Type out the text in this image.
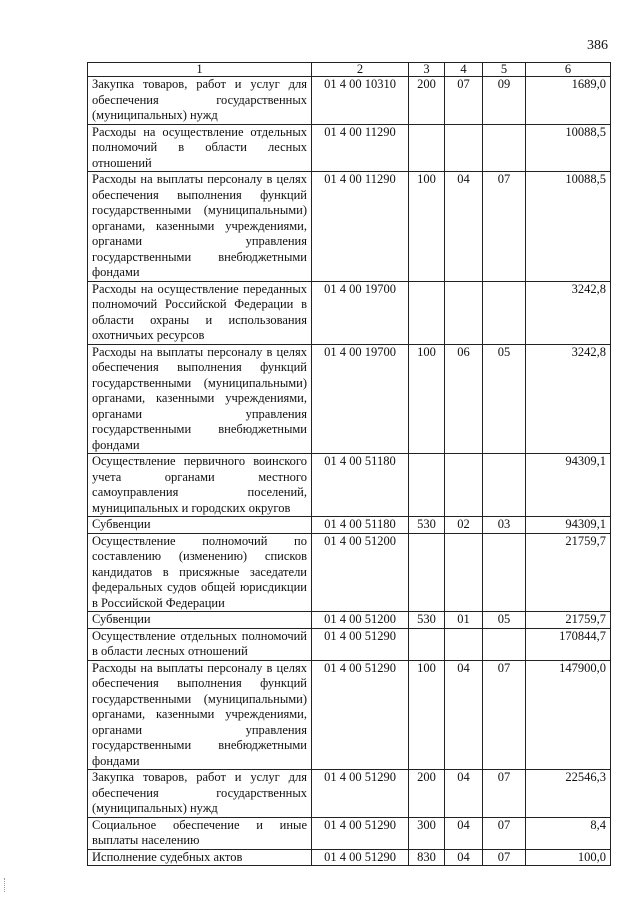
386
1	2	3	4	5	6
Закупка товаров, работ и услуг для обеспечения государственных (муниципальных) нужд	01 4 00 10310	200	07	09	1689,0
Расходы на осуществление отдельных полномочий в области лесных отношений	01 4 00 11290				10088,5
Расходы на выплаты персоналу в целях обеспечения выполнения функций государственными (муниципальными) органами, казенными учреждениями, органами управления государственными внебюджетными фондами	01 4 00 11290	100	04	07	10088,5
Расходы на осуществление переданных полномочий Российской Федерации в области охраны и использования охотничьих ресурсов	01 4 00 19700				3242,8
Расходы на выплаты персоналу в целях обеспечения выполнения функций государственными (муниципальными) органами, казенными учреждениями, органами управления государственными внебюджетными фондами	01 4 00 19700	100	06	05	3242,8
Осуществление первичного воинского учета органами местного самоуправления поселений, муниципальных и городских округов	01 4 00 51180				94309,1
Субвенции	01 4 00 51180	530	02	03	94309,1
Осуществление полномочий по составлению (изменению) списков кандидатов в присяжные заседатели федеральных судов общей юрисдикции в Российской Федерации	01 4 00 51200				21759,7
Субвенции	01 4 00 51200	530	01	05	21759,7
Осуществление отдельных полномочий в области лесных отношений	01 4 00 51290				170844,7
Расходы на выплаты персоналу в целях обеспечения выполнения функций государственными (муниципальными) органами, казенными учреждениями, органами управления государственными внебюджетными фондами	01 4 00 51290	100	04	07	147900,0
Закупка товаров, работ и услуг для обеспечения государственных (муниципальных) нужд	01 4 00 51290	200	04	07	22546,3
Социальное обеспечение и иные выплаты населению	01 4 00 51290	300	04	07	8,4
Исполнение судебных актов	01 4 00 51290	830	04	07	100,0
